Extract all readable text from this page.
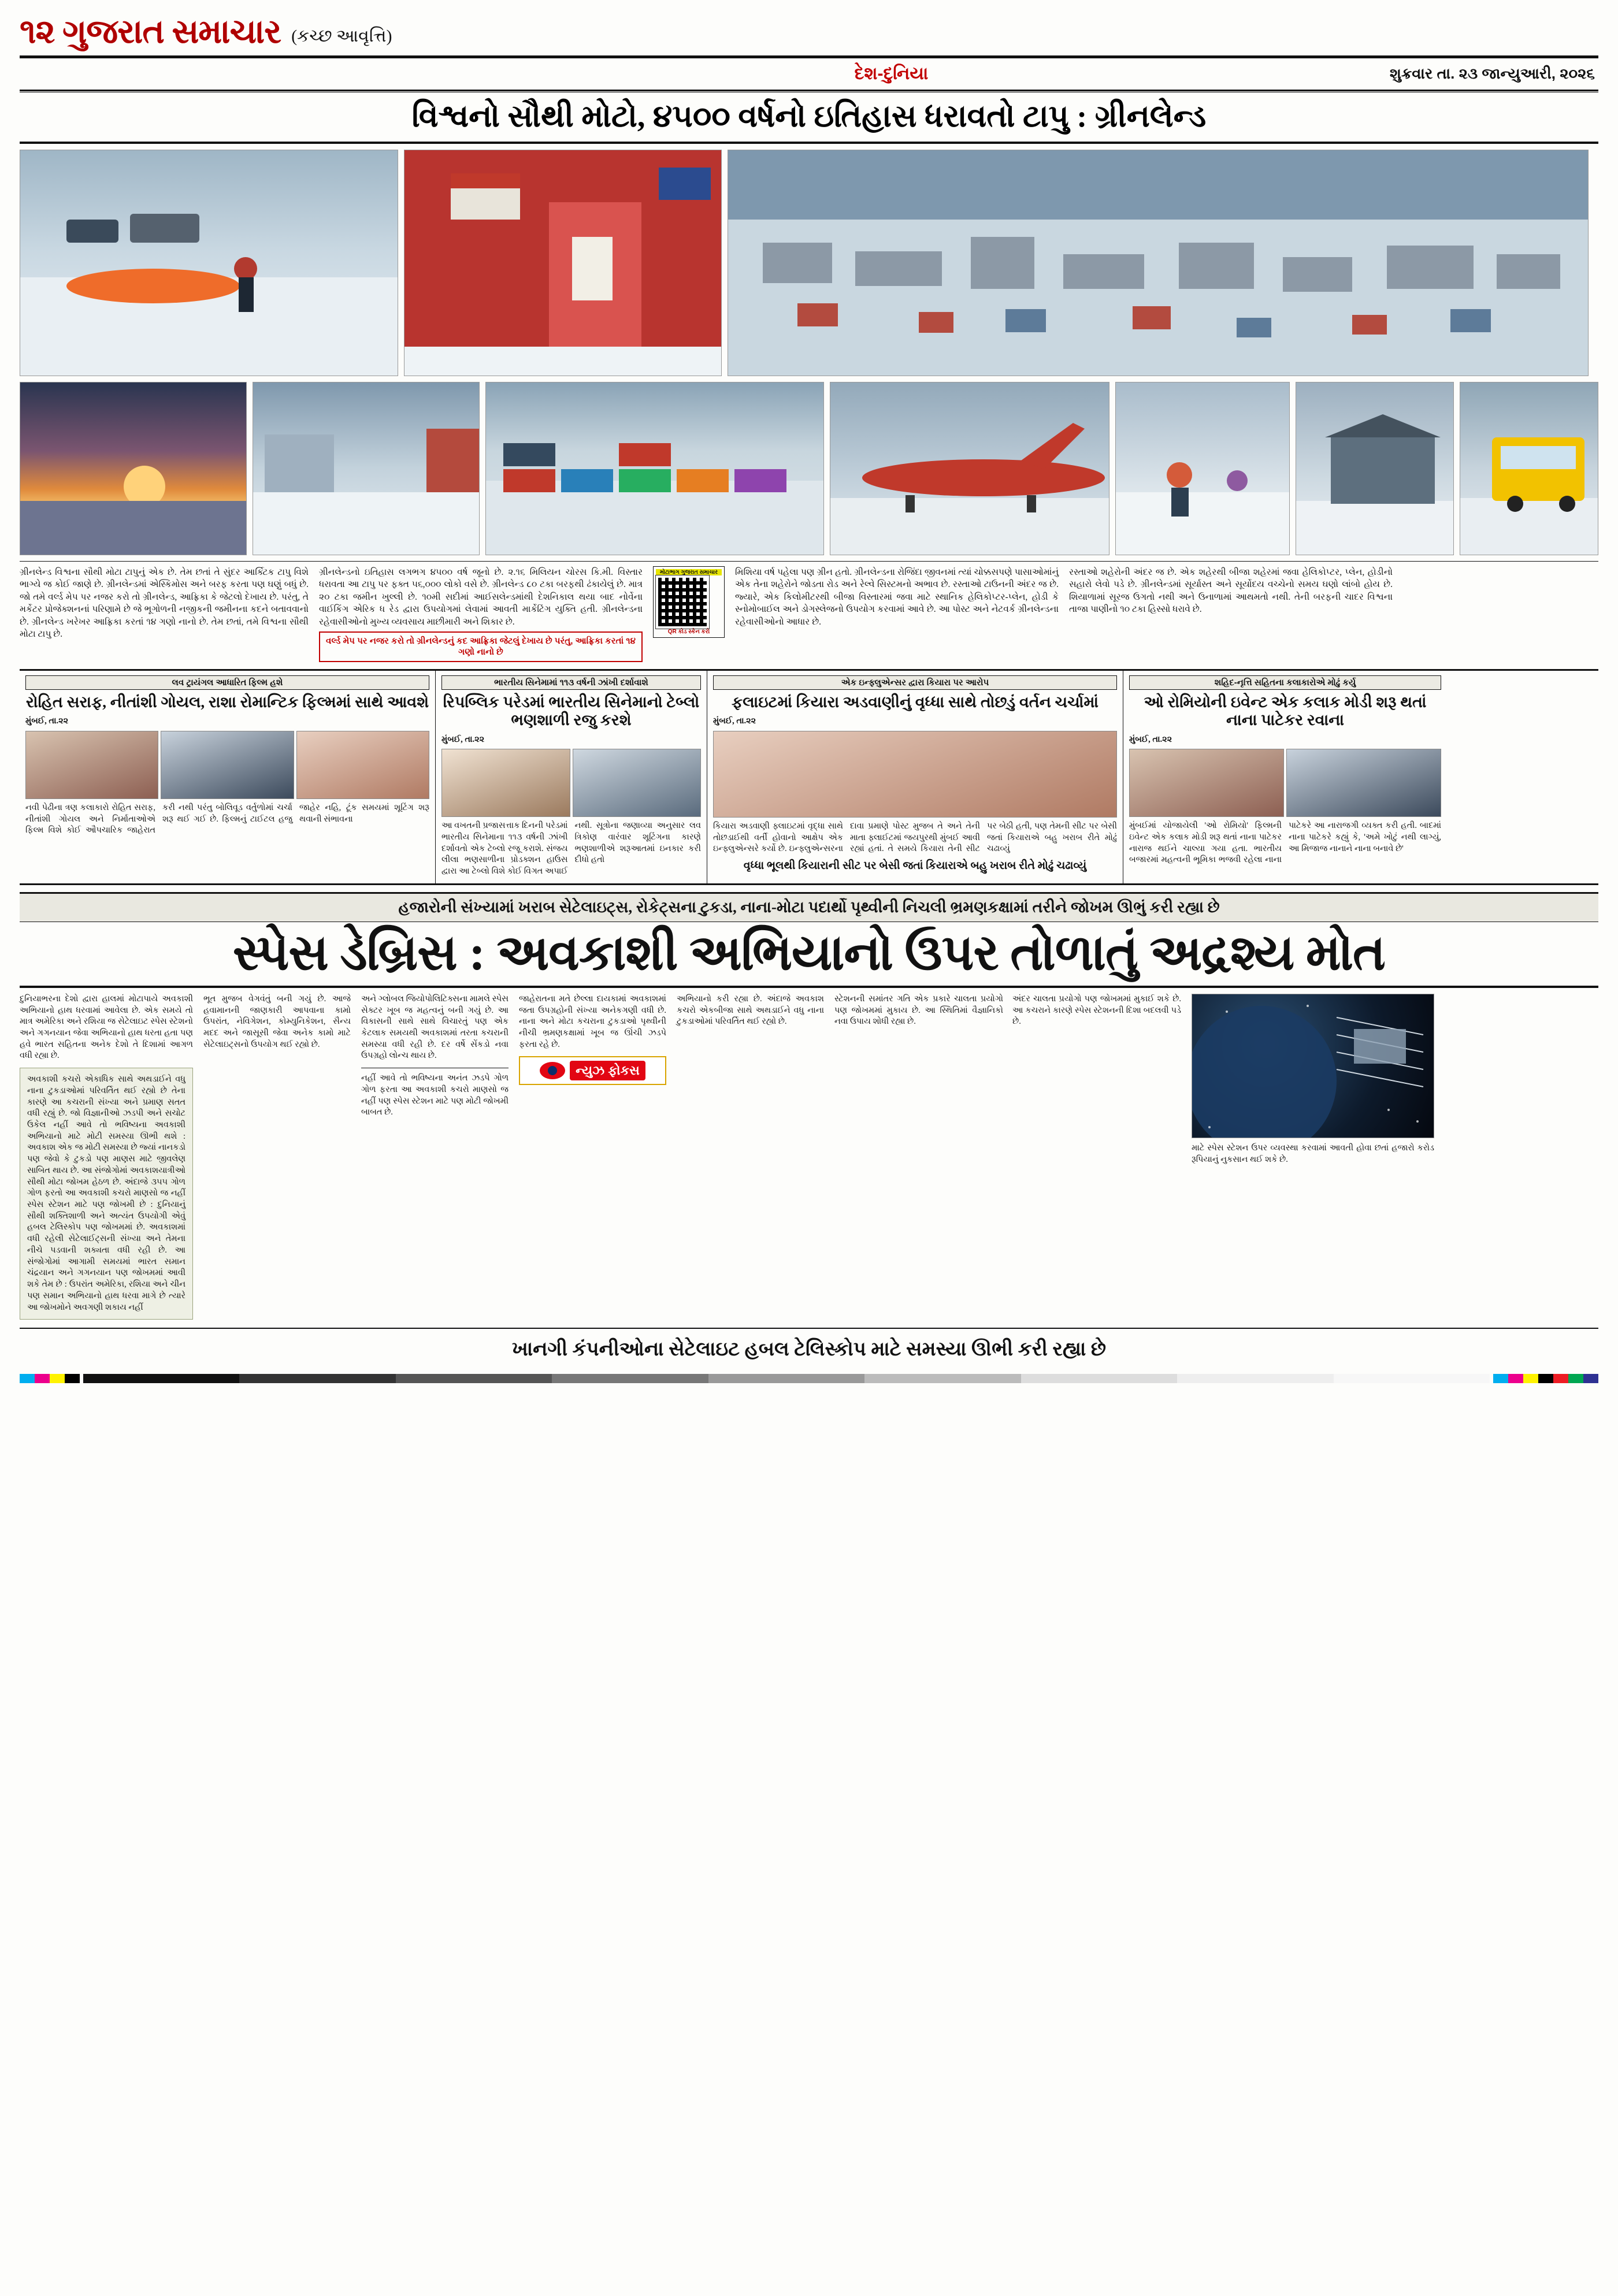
૧૨ ગુજરાત સમાચાર (કચ્છ આવૃત્તિ)
દેશ-દુનિયા	શુક્રવાર તા. ૨૩ જાન્યુઆરી, ૨૦૨૬
વિશ્વનો સૌથી મોટો, ૪૫૦૦ વર્ષનો ઇતિહાસ ધરાવતો ટાપુ : ગ્રીનલેન્ડ
ગ્રીનલેન્ડ વિશ્વના સૌથી મોટા ટાપુનું એક છે. તેમ છતાં તે સુંદર આર્ક્ટિક ટાપુ વિશે ભાગ્યે જ કોઈ જાણે છે. ગ્રીનલેન્ડમાં એસ્કિમોસ અને બરફ કરતા પણ ઘણું બધું છે. જો તમે વર્લ્ડ મેપ પર નજર કરો તો ગ્રીનલેન્ડ, આફ્રિકા કે જેટલો દેખાય છે. પરંતુ, તે મર્કેટર પ્રોજેક્શનનાં પરિણામે છે જે ભૂગોળની નજીકની જમીનના કદને બતાવવાનો છે. ગ્રીનલેન્ડ ખરેખર આફ્રિકા કરતાં ૧૪ ગણો નાનો છે. તેમ છતાં, તમે વિશ્વના સૌથી મોટા ટાપુ છે.
ગ્રીનલેન્ડનો ઇતિહાસ લગભગ ૪૫૦૦ વર્ષ જૂનો છે. ૨.૧૬ મિલિયન ચોરસ કિ.મી. વિસ્તાર ધરાવતા આ ટાપુ પર ફક્ત ૫૬,૦૦૦ લોકો વસે છે. ગ્રીનલેન્ડ ૮૦ ટકા બરફથી ઢંકાયેલું છે. માત્ર ૨૦ ટકા જમીન ખુલ્લી છે. ૧૦મી સદીમાં આઈસલેન્ડમાંથી દેશનિકાલ થયા બાદ નોર્વેના વાઈકિંગ એરિક ધ રેડ દ્વારા ઉપયોગમાં લેવામાં આવતી માર્કેટિંગ યુક્તિ હતી. ગ્રીનલેન્ડના રહેવાસીઓનો મુખ્ય વ્યવસાય માછીમારી અને શિકાર છે.
વર્લ્ડ મેપ પર નજર કરો તો ગ્રીનલેન્ડનું કદ આફ્રિકા જેટલું દેખાય છે પરંતુ, આફ્રિકા કરતાં ૧૪ ગણો નાનો છે
મોટાભાગ ગુજરાત સમાચાર
QR કોડ સ્કેન કરો
મિશિયા વર્ષ પહેલા પણ ગ્રીન હતો. ગ્રીનલેન્ડના રોજિંદા જીવનમાં ત્યાં ચોક્કસપણે પાસાઓમાંનું એક તેના શહેરોને જોડતા રોડ અને રેલ્વે સિસ્ટમનો અભાવ છે. રસ્તાઓ ટાઉનની અંદર જ છે. જ્યારે, એક કિલોમીટરથી બીજા વિસ્તારમાં જવા માટે સ્થાનિક હેલિકોપ્ટર-પ્લેન, હોડી કે સ્નોમોબાઈલ અને ડોગસ્લેજનો ઉપયોગ કરવામાં આવે છે. આ પોસ્ટ અને નેટવર્ક ગ્રીનલેન્ડના રહેવાસીઓનો આધાર છે.
રસ્તાઓ શહેરોની અંદર જ છે. એક શહેરથી બીજા શહેરમાં જવા હેલિકોપ્ટર, પ્લેન, હોડીનો સહારો લેવો પડે છે. ગ્રીનલેન્ડમાં સૂર્યાસ્ત અને સૂર્યોદય વચ્ચેનો સમય ઘણો લાંબો હોય છે. શિયાળામાં સૂરજ ઉગતો નથી અને ઉનાળામાં આથમતો નથી. તેની બરફની ચાદર વિશ્વના તાજા પાણીનો ૧૦ ટકા હિસ્સો ધરાવે છે.
લવ ટ્રાયંગલ આધારિત ફિલ્મ હશે
રોહિત સરાફ, નીતાંશી ગોયલ, રાશા રોમાન્ટિક ફિલ્મમાં સાથે આવશે
મુંબઈ, તા.૨૨
નવી પેઢીના ત્રણ કલાકારો રોહિત સરાફ, નીતાંશી ગોયલ અને નિર્માતાઓએ ફિલ્મ વિશે કોઈ ઔપચારિક જાહેરાત કરી નથી પરંતુ બોલિવૂડ વર્તુળોમાં ચર્ચા શરૂ થઈ ગઈ છે. ફિલ્મનું ટાઈટલ હજુ જાહેર નહિ, ટૂંક સમયમાં શૂટિંગ શરૂ થવાની સંભાવના
ભારતીય સિનેમામાં ૧૧૩ વર્ષની ઝાંખી દર્શાવાશે
રિપબ્લિક પરેડમાં ભારતીય સિનેમાનો ટેબ્લો ભણશાળી રજુ કરશે
મુંબઈ, તા.૨૨
આ વખતની પ્રજાસત્તાક દિનની પરેડમાં ભારતીય સિનેમાના ૧૧૩ વર્ષની ઝાંખી દર્શાવતો એક ટેબ્લો રજૂ કરાશે. સંજય લીલા ભણસાળીના પ્રોડક્શન હાઉસ દ્વારા આ ટેબ્લો વિશે કોઈ વિગત અપાઈ નથી. સૂત્રોના જણાવ્યા અનુસાર લવ ત્રિકોણ વારંવાર શૂટિંગના કારણે ભણશાળીએ શરૂઆતમાં ઇનકાર કરી દીધો હતો
એક ઇન્ફ્લુએન્સર દ્વારા કિયારા પર આરોપ
ફલાઇટમાં કિયારા અડવાણીનું વૃધ્ધા સાથે તોછડું વર્તન ચર્ચામાં
મુંબઈ, તા.૨૨
કિયારા અડવાણી ફ્લાઇટમાં વૃદ્ધા સાથે તોછડાઈથી વર્તી હોવાનો આક્ષેપ એક ઇન્ફ્લુએન્સરે કર્યો છે. ઇન્ફ્લુએન્સરના દાવા પ્રમાણે પોસ્ટ મુજબ તે અને તેની માતા ફ્લાઈટમાં જયપુરથી મુંબઈ આવી રહ્યાં હતાં. તે સમયે કિયારા તેની સીટ પર બેઠી હતી, પણ તેમની સીટ પર બેસી જતાં કિયારાએ બહુ ખરાબ રીતે મોઢું ચઢાવ્યું
વૃધ્ધા ભૂલથી કિયારાની સીટ પર બેસી જતાં કિયારાએ બહુ ખરાબ રીતે મોઢું ચઢાવ્યું
શહિદ-નૃત્તિ સહિતના કલાકારોએ મોઢું કર્યુ
ઓ રોમિયોની ઇવેન્ટ એક કલાક મોડી શરૂ થતાં નાના પાટેકર રવાના
મુંબઈ, તા.૨૨
મુંબઈમાં યોજાયેલી 'ઓ રોમિયો' ફિલ્મની ઇવેન્ટ એક કલાક મોડી શરૂ થતાં નાના પાટેકર નારાજ થઈને ચાલ્યા ગયા હતા. ભારતીય બજારમાં મહત્વની ભૂમિકા ભજવી રહેલા નાના પાટેકરે આ નારાજગી વ્યક્ત કરી હતી. બાદમાં નાના પાટેકરે કહ્યું કે, 'અમે ખોટું નથી લાગ્યું, આ મિજાજ નાનાને નાના બનાવે છે'
હજારોની સંખ્યામાં ખરાબ સેટેલાઇટ્સ, રોકેટ્સના ટુકડા, નાના-મોટા પદાર્થો પૃથ્વીની નિચલી ભ્રમણકક્ષામાં તરીને જોખમ ઊભું કરી રહ્યા છે
સ્પેસ ડેબ્રિસ : અવકાશી અભિયાનો ઉપર તોળાતું અદ્રશ્ય મોત
દુનિયાભરના દેશો દ્વારા હાલમાં મોટાપાયે અવકાશી અભિયાનો હાથ ધરવામાં આવેલા છે. એક સમયે તો માત્ર અમેરિકા અને રશિયા જ સેટેલાઇટ સ્પેસ સ્ટેશનો અને ગગનયાન જેવા અભિયાનો હાથ ધરતા હતા પણ હવે ભારત સહિતના અનેક દેશો તે દિશામાં આગળ વધી રહ્યા છે.
અવકાશી કચરો એકાધિક સાથે અથડાઈને વધુ નાના ટુકડાઓમાં પરિવર્તિત થઈ રહ્યો છે તેના કારણે આ કચરાની સંખ્યા અને પ્રમાણ સતત વધી રહ્યું છે. જો વિજ્ઞાનીઓ ઝડપી અને સચોટ ઉકેલ નહીં આવે તો ભવિષ્યના અવકાશી અભિયાનો માટે મોટી સમસ્યા ઊભી થશે : અવકાશ એક જ મોટી સમસ્યા છે જ્યાં નાનકડો પણ જેવો કે ટુકડો પણ માણસ માટે જીવલેણ સાબિત થાય છે. આ સંજોગોમાં અવકાશયાત્રીઓ સૌથી મોટા જોખમ હેઠળ છે. અંદાજે ૩૫૫ ગોળ ગોળ ફરતો આ અવકાશી કચરો માણસો જ નહીં સ્પેસ સ્ટેશન માટે પણ જોખમી છે : દુનિયાનું સૌથી શક્તિશાળી અને અત્યંત ઉપયોગી એવું હબલ ટેલિસ્કોપ પણ જોખમમાં છે. અવકાશમાં વધી રહેલી સેટેલાઈટ્સની સંખ્યા અને તેમના નીચે પડવાની શક્યતા વધી રહી છે. આ સંજોગોમાં આગામી સમયમાં ભારત સમાન ચંદ્રયાન અને ગગનયાન પણ જોખમમાં આવી શકે તેમ છે : ઉપરાંત અમેરિકા, રશિયા અને ચીન પણ સમાન અભિયાનો હાથ ધરવા માગે છે ત્યારે આ જોખમોને અવગણી શકાય નહીં
ભૂત મુજબ વેગવંતું બની ગયું છે. આજે હવામાનની જાણકારી આપવાના કામો ઉપરાંત, નેવિગેશન, કોમ્યુનિકેશન, સૈન્ય મદદ અને જાસૂસી જેવા અનેક કામો માટે સેટેલાઇટ્સનો ઉપયોગ થઈ રહ્યો છે.
અને ગ્લોબલ જિયોપોલિટિક્સના મામલે સ્પેસ સેક્ટર ખૂબ જ મહત્વનું બની ગયું છે. આ વિકાસની સાથે સાથે વિચારતું પણ એક કેટલાક સમયથી અવકાશમાં તરતા કચરાની સમસ્યા વધી રહી છે. દર વર્ષે સેંકડો નવા ઉપગ્રહો લોન્ચ થાય છે.
નહીં આવે તો ભવિષ્યના અનંત ઝડપે ગોળ ગોળ ફરતા આ અવકાશી કચરો માણસો જ નહીં પણ સ્પેસ સ્ટેશન માટે પણ મોટી જોખમી બાબત છે.
જાહેરાતના મતે છેલ્લા દાયકામાં અવકાશમાં જતા ઉપગ્રહોની સંખ્યા અનેકગણી વધી છે. નાના અને મોટા કચરાના ટુકડાઓ પૃથ્વીની નીચી ભ્રમણકક્ષામાં ખૂબ જ ઊંચી ઝડપે ફરતા રહે છે.
ન્યુઝ ફોકસ
અભિયાનો કરી રહ્યા છે. અંદાજે અવકાશ કચરો એકબીજા સાથે અથડાઈને વધુ નાના ટુકડાઓમાં પરિવર્તિત થઈ રહ્યો છે.
સ્ટેશનની સમાંતર ગતિ એક પ્રકારે ચાલતા પ્રયોગો પણ જોખમમાં મુકાય છે. આ સ્થિતિમાં વૈજ્ઞાનિકો નવા ઉપાય શોધી રહ્યા છે.
અંદર ચાલતા પ્રયોગો પણ જોખમમાં મુકાઈ શકે છે. આ કચરાને કારણે સ્પેસ સ્ટેશનની દિશા બદલવી પડે છે.
માટે સ્પેસ સ્ટેશન ઉપર વ્યવસ્થા કરવામાં આવતી હોવા છતાં હજારો કરોડ રૂપિયાનું નુકસાન થઈ શકે છે.
ખાનગી કંપનીઓના સેટેલાઇટ હબલ ટેલિસ્કોપ માટે સમસ્યા ઊભી કરી રહ્યા છે
